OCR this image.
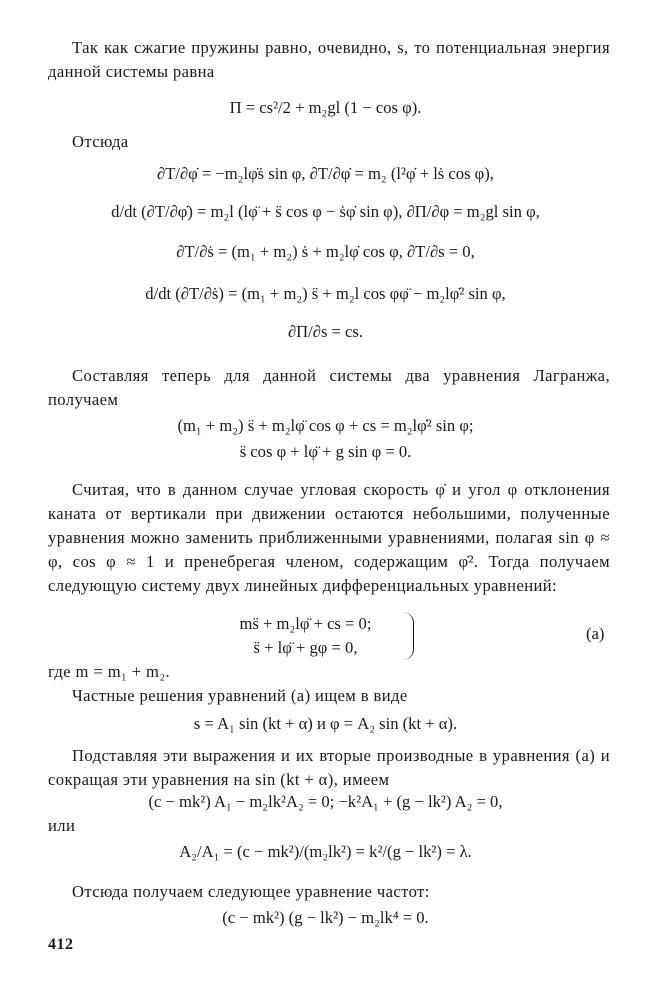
Так как сжагие пружины равно, очевидно, s, то потенциальная энергия данной системы равна
Π = cs²/2 + m₂gl (1 − cos φ).
Отсюда
∂T/∂φ̇ = −m₂lφ̇ṡ sin φ, ∂T/∂φ̇ = m₂ (l²φ̇ + lṡ cos φ),
d/dt (∂T/∂φ̇) = m₂l (lφ̈ + s̈ cos φ − ṡφ̇ sin φ), ∂Π/∂φ = m₂gl sin φ,
∂T/∂ṡ = (m₁ + m₂) ṡ + m₂lφ̇ cos φ, ∂T/∂s = 0,
d/dt (∂T/∂ṡ) = (m₁ + m₂) s̈ + m₂l cos φφ̈ − m₂lφ̇² sin φ,
∂Π/∂s = cs.
Составляя теперь для данной системы два уравнения Лагранжа, получаем
(m₁ + m₂) s̈ + m₂lφ̈ cos φ + cs = m₂lφ̇² sin φ;
s̈ cos φ + lφ̈ + g sin φ = 0.
Считая, что в данном случае угловая скорость φ̇ и угол φ отклонения каната от вертикали при движении остаются небольшими, полученные уравнения можно заменить приближенными уравнениями, полагая sin φ ≈ φ, cos φ ≈ 1 и пренебрегая членом, содержащим φ̇². Тогда получаем следующую систему двух линейных дифференциальных уравнений:
ms̈ + m₂lφ̈ + cs = 0;
s̈ + lφ̈ + gφ = 0,
(a)
где m = m₁ + m₂.
Частные решения уравнений (а) ищем в виде
s = A₁ sin (kt + α) и φ = A₂ sin (kt + α).
Подставляя эти выражения и их вторые производные в уравнения (а) и сокращая эти уравнения на sin (kt + α), имеем
(c − mk²) A₁ − m₂lk²A₂ = 0; −k²A₁ + (g − lk²) A₂ = 0,
или
A₂/A₁ = (c − mk²)/(m₂lk²) = k²/(g − lk²) = λ.
Отсюда получаем следующее уравнение частот:
(c − mk²) (g − lk²) − m₂lk⁴ = 0.
412
